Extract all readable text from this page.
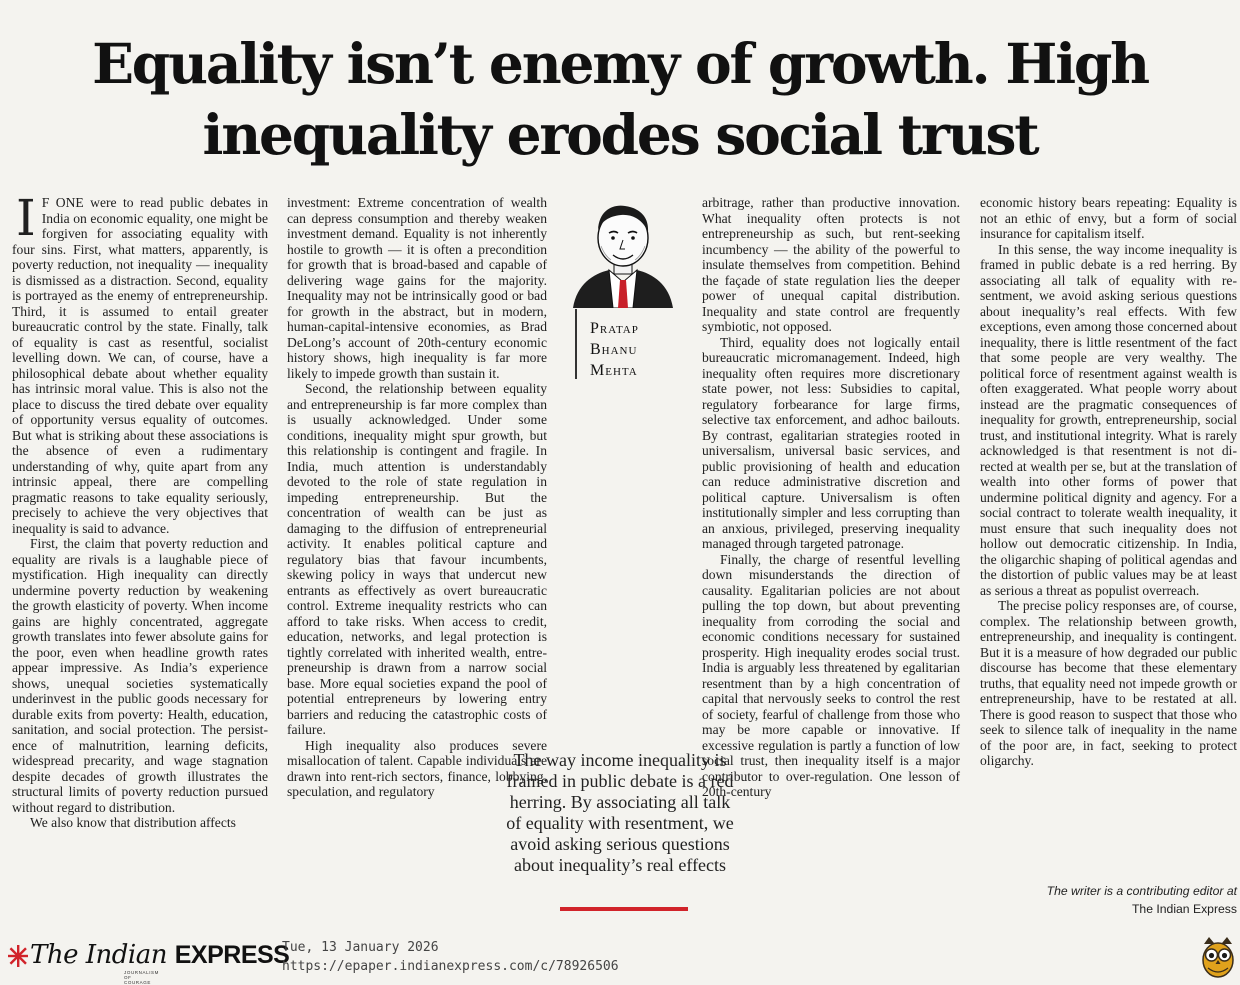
Equality isn’t enemy of growth. High inequality erodes social trust

I F ONE were to read public debates in India on economic equality, one might be forgiven for associating equality with four sins. First, what matters, apparently, is poverty reduction, not inequality — inequality is dismissed as a distraction. Second, equality is portrayed as the enemy of entrepreneurship. Third, it is assumed to entail greater bureaucratic control by the state. Finally, talk of equality is cast as resentful, socialist levelling down. We can, of course, have a philosophical debate about whether equality has intrinsic moral value. This is also not the place to discuss the tired debate over equality of opportunity versus equality of outcomes. But what is striking about these associations is the absence of even a rudimentary understanding of why, quite apart from any intrinsic appeal, there are compelling pragmatic reasons to take equality seriously, precisely to achieve the very objectives that inequality is said to advance.

First, the claim that poverty reduction and equality are rivals is a laughable piece of mystification. High inequality can directly undermine poverty reduction by weakening the growth elasticity of poverty. When income gains are highly concentrated, aggregate growth translates into fewer absolute gains for the poor, even when headline growth rates appear impressive. As India’s experience shows, unequal societies systematically underinvest in the public goods necessary for durable exits from poverty: Health, education, sanitation, and social protection. The persistence of malnutrition, learning deficits, widespread precarity, and wage stagnation despite decades of growth illustrates the structural limits of poverty reduction pursued without regard to distribution.

We also know that distribution affects

investment: Extreme concentration of wealth can depress consumption and thereby weaken investment demand. Equality is not inherently hostile to growth — it is often a precondition for growth that is broad-based and capable of delivering wage gains for the majority. Inequality may not be intrinsically good or bad for growth in the abstract, but in modern, human-capital-intensive economies, as Brad DeLong’s account of 20th-century economic history shows, high inequality is far more likely to impede growth than sustain it.

Second, the relationship between equality and entrepreneurship is far more complex than is usually acknowledged. Under some conditions, inequality might spur growth, but this relationship is contingent and fragile. In India, much attention is understandably devoted to the role of state regulation in impeding entrepreneurship. But the concentration of wealth can be just as damaging to the diffusion of entrepreneurial activity. It enables political capture and regulatory bias that favour incumbents, skewing policy in ways that undercut new entrants as effectively as overt bureaucratic control. Extreme inequality restricts who can afford to take risks. When access to credit, education, networks, and legal protection is tightly correlated with inherited wealth, entrepreneurship is drawn from a narrow social base. More equal societies expand the pool of potential entrepreneurs by lowering entry barriers and reducing the catastrophic costs of failure.

High inequality also produces severe misallocation of talent. Capable individuals are drawn into rent-rich sectors, finance, lobbying, speculation, and regulatory

Pratap
Bhanu
Mehta
The way income inequality is framed in public debate is a red herring. By associating all talk of equality with resentment, we avoid asking serious questions about inequality’s real effects

arbitrage, rather than productive innovation. What inequality often protects is not entrepreneurship as such, but rent-seeking incumbency — the ability of the powerful to insulate themselves from competition. Behind the façade of state regulation lies the deeper power of unequal capital distribution. Inequality and state control are frequently symbiotic, not opposed.

Third, equality does not logically entail bureaucratic micromanagement. Indeed, high inequality often requires more discretionary state power, not less: Subsidies to capital, regulatory forbearance for large firms, selective tax enforcement, and adhoc bailouts. By contrast, egalitarian strategies rooted in universalism, universal basic services, and public provisioning of health and education can reduce administrative discretion and political capture. Universalism is often institutionally simpler and less corrupting than an anxious, privileged, preserving inequality managed through targeted patronage.

Finally, the charge of resentful levelling down misunderstands the direction of causality. Egalitarian policies are not about pulling the top down, but about preventing inequality from corroding the social and economic conditions necessary for sustained prosperity. High inequality erodes social trust. India is arguably less threatened by egalitarian resentment than by a high concentration of capital that nervously seeks to control the rest of society, fearful of challenge from those who may be more capable or innovative. If excessive regulation is partly a function of low social trust, then inequality itself is a major contributor to over-regulation. One lesson of 20th-century

economic history bears repeating: Equality is not an ethic of envy, but a form of social insurance for capitalism itself.

In this sense, the way income inequality is framed in public debate is a red herring. By associating all talk of equality with resentment, we avoid asking serious questions about inequality’s real effects. With few exceptions, even among those concerned about inequality, there is little resentment of the fact that some people are very wealthy. The political force of resentment against wealth is often exaggerated. What people worry about instead are the pragmatic consequences of inequality for growth, entrepreneurship, social trust, and institutional integrity. What is rarely acknowledged is that resentment is not directed at wealth per se, but at the translation of wealth into other forms of power that undermine political dignity and agency. For a social contract to tolerate wealth inequality, it must ensure that such inequality does not hollow out democratic citizenship. In India, the oligarchic shaping of political agendas and the distortion of public values may be at least as serious a threat as populist overreach.

The precise policy responses are, of course, complex. The relationship between growth, entrepreneurship, and inequality is contingent. But it is a measure of how degraded our public discourse has become that these elementary truths, that equality need not impede growth or entrepreneurship, have to be restated at all. There is good reason to suspect that those who seek to silence talk of inequality in the name of the poor are, in fact, seeking to protect oligarchy.

The writer is a contributing editor at
The Indian Express
The Indian EXPRESS
JOURNALISM OF COURAGE
Tue, 13 January 2026
https://epaper.indianexpress.com/c/78926506
